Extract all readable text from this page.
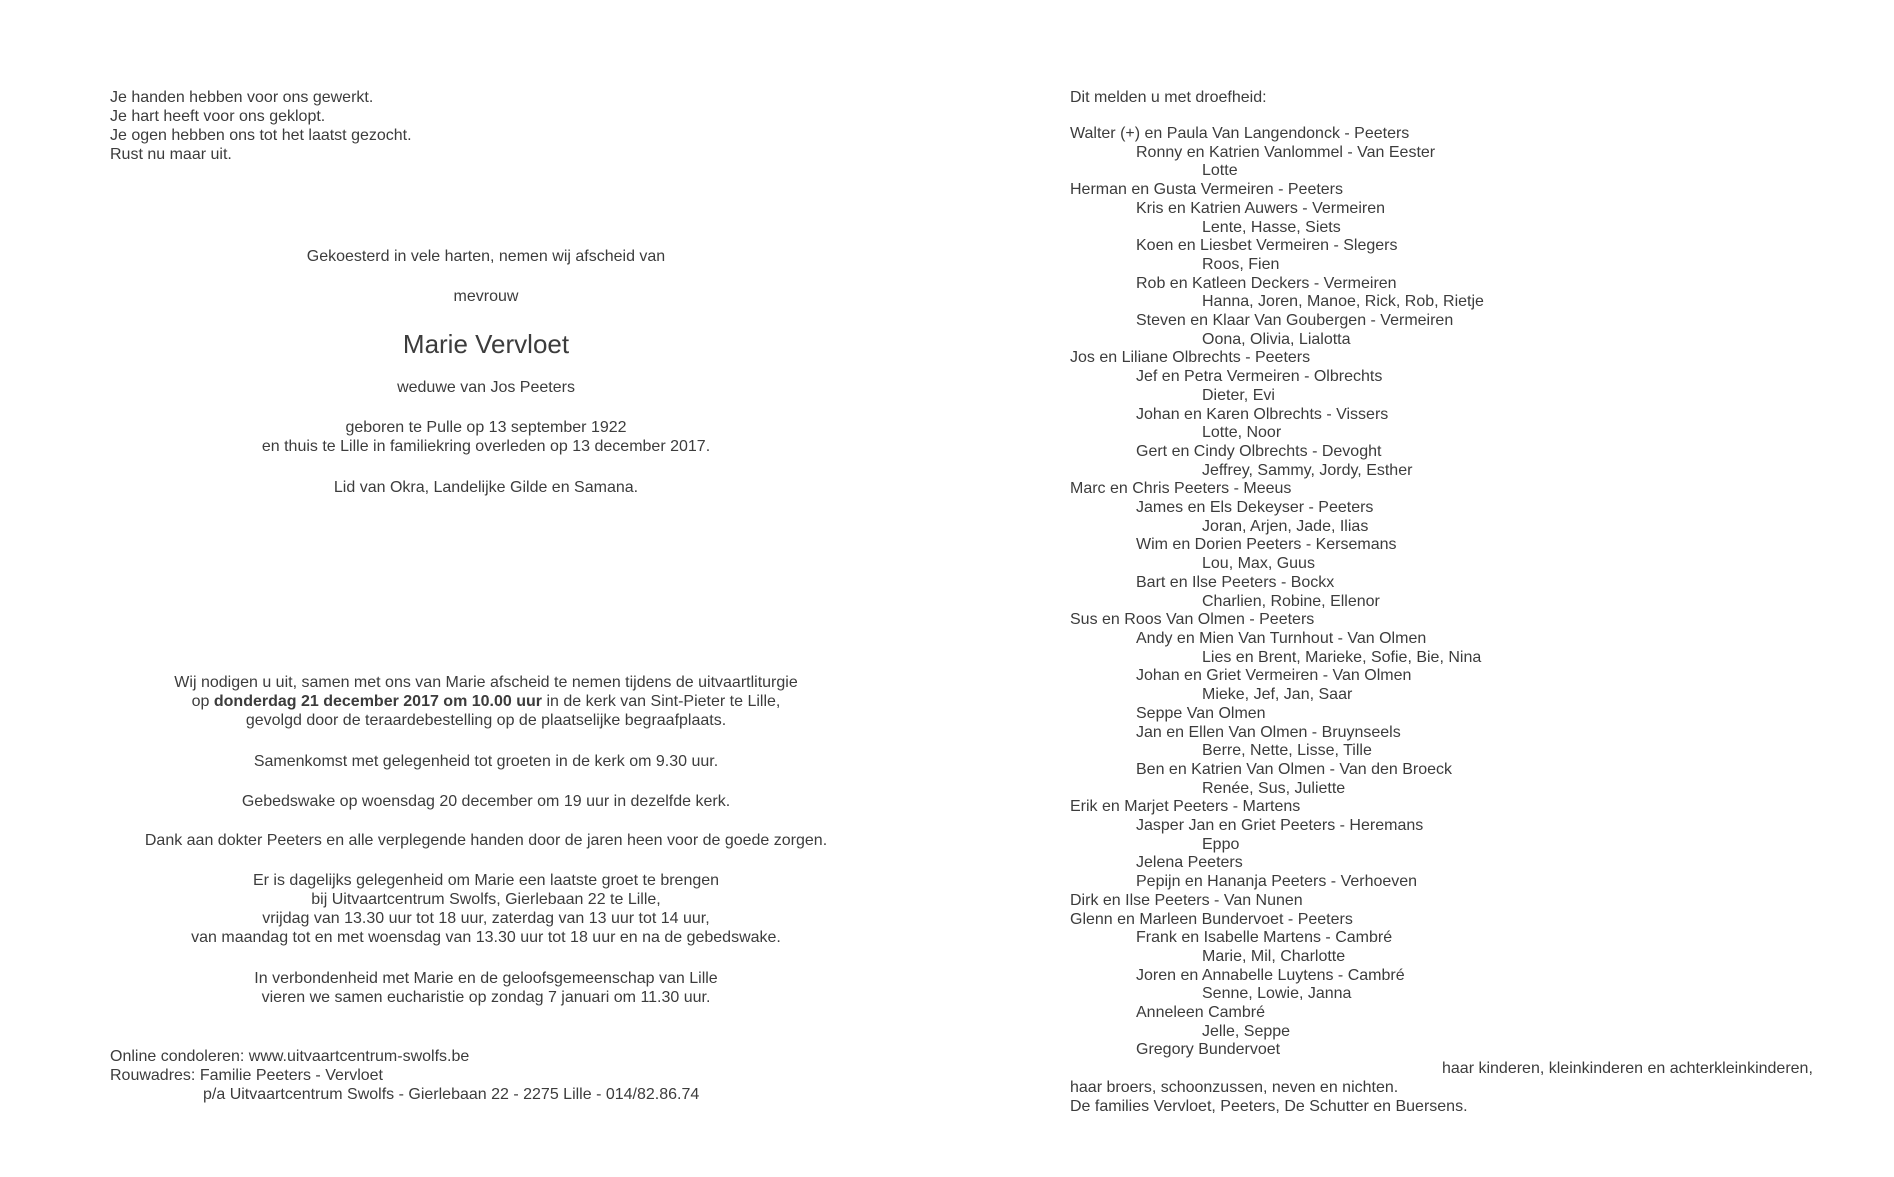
Je handen hebben voor ons gewerkt.
Je hart heeft voor ons geklopt.
Je ogen hebben ons tot het laatst gezocht.
Rust nu maar uit.
Gekoesterd in vele harten, nemen wij afscheid van
mevrouw
Marie Vervloet
weduwe van Jos Peeters
geboren te Pulle op 13 september 1922
en thuis te Lille in familiekring overleden op 13 december 2017.
Lid van Okra, Landelijke Gilde en Samana.
Wij nodigen u uit, samen met ons van Marie afscheid te nemen tijdens de uitvaartliturgie
op donderdag 21 december 2017 om 10.00 uur in de kerk van Sint-Pieter te Lille,
gevolgd door de teraardebestelling op de plaatselijke begraafplaats.
Samenkomst met gelegenheid tot groeten in de kerk om 9.30 uur.
Gebedswake op woensdag 20 december om 19 uur in dezelfde kerk.
Dank aan dokter Peeters en alle verplegende handen door de jaren heen voor de goede zorgen.
Er is dagelijks gelegenheid om Marie een laatste groet te brengen
bij Uitvaartcentrum Swolfs, Gierlebaan 22 te Lille,
vrijdag van 13.30 uur tot 18 uur, zaterdag van 13 uur tot 14 uur,
van maandag tot en met woensdag van 13.30 uur tot 18 uur en na de gebedswake.
In verbondenheid met Marie en de geloofsgemeenschap van Lille
vieren we samen eucharistie op zondag 7 januari om 11.30 uur.
Online condoleren: www.uitvaartcentrum-swolfs.be
Rouwadres: Familie Peeters - Vervloet
p/a Uitvaartcentrum Swolfs - Gierlebaan 22 - 2275 Lille - 014/82.86.74
Dit melden u met droefheid:
Walter (+) en Paula Van Langendonck - Peeters
Ronny en Katrien Vanlommel - Van Eester
Lotte
Herman en Gusta Vermeiren - Peeters
Kris en Katrien Auwers - Vermeiren
Lente, Hasse, Siets
Koen en Liesbet Vermeiren - Slegers
Roos, Fien
Rob en Katleen Deckers - Vermeiren
Hanna, Joren, Manoe, Rick, Rob, Rietje
Steven en Klaar Van Goubergen - Vermeiren
Oona, Olivia, Lialotta
Jos en Liliane Olbrechts - Peeters
Jef en Petra Vermeiren - Olbrechts
Dieter, Evi
Johan en Karen Olbrechts - Vissers
Lotte, Noor
Gert en Cindy Olbrechts - Devoght
Jeffrey, Sammy, Jordy, Esther
Marc en Chris Peeters - Meeus
James en Els Dekeyser - Peeters
Joran, Arjen, Jade, Ilias
Wim en Dorien Peeters - Kersemans
Lou, Max, Guus
Bart en Ilse Peeters - Bockx
Charlien, Robine, Ellenor
Sus en Roos Van Olmen - Peeters
Andy en Mien Van Turnhout - Van Olmen
Lies en Brent, Marieke, Sofie, Bie, Nina
Johan en Griet Vermeiren - Van Olmen
Mieke, Jef, Jan, Saar
Seppe Van Olmen
Jan en Ellen Van Olmen - Bruynseels
Berre, Nette, Lisse, Tille
Ben en Katrien Van Olmen - Van den Broeck
Renée, Sus, Juliette
Erik en Marjet Peeters - Martens
Jasper Jan en Griet Peeters - Heremans
Eppo
Jelena Peeters
Pepijn en Hananja Peeters - Verhoeven
Dirk en Ilse Peeters - Van Nunen
Glenn en Marleen Bundervoet - Peeters
Frank en Isabelle Martens - Cambré
Marie, Mil, Charlotte
Joren en Annabelle Luytens - Cambré
Senne, Lowie, Janna
Anneleen Cambré
Jelle, Seppe
Gregory Bundervoet
haar kinderen, kleinkinderen en achterkleinkinderen,
haar broers, schoonzussen, neven en nichten.
De families Vervloet, Peeters, De Schutter en Buersens.
